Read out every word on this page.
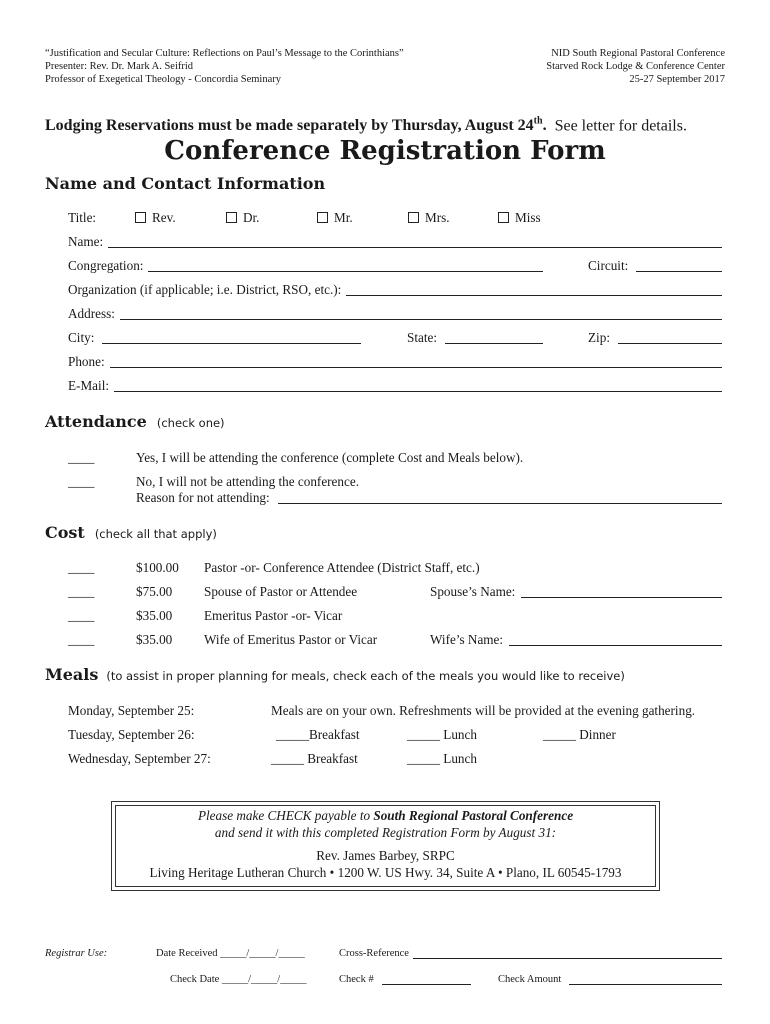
“Justification and Secular Culture: Reflections on Paul’s Message to the Corinthians”
Presenter: Rev. Dr. Mark A. Seifrid
Professor of Exegetical Theology - Concordia Seminary
NID South Regional Pastoral Conference
Starved Rock Lodge & Conference Center
25-27 September 2017
Lodging Reservations must be made separately by Thursday, August 24th. See letter for details.
Conference Registration Form
Name and Contact Information
Title:	Rev.	Dr.	Mr.	Mrs.	Miss
Name:
Congregation:	Circuit:
Organization (if applicable; i.e. District, RSO, etc.):
Address:
City:	State:	Zip:
Phone:
E-Mail:
Attendance (check one)
____	Yes, I will be attending the conference (complete Cost and Meals below).
____	No, I will not be attending the conference.
Reason for not attending:
Cost (check all that apply)
____	$100.00 Pastor -or- Conference Attendee (District Staff, etc.)
____	$75.00 Spouse of Pastor or Attendee	Spouse’s Name:
____	$35.00 Emeritus Pastor -or- Vicar
____	$35.00 Wife of Emeritus Pastor or Vicar	Wife’s Name:
Meals (to assist in proper planning for meals, check each of the meals you would like to receive)
Monday, September 25:	Meals are on your own. Refreshments will be provided at the evening gathering.
Tuesday, September 26:	_____Breakfast	_____ Lunch	_____ Dinner
Wednesday, September 27:	_____ Breakfast	_____ Lunch
Please make CHECK payable to South Regional Pastoral Conference
and send it with this completed Registration Form by August 31:
Rev. James Barbey, SRPC
Living Heritage Lutheran Church • 1200 W. US Hwy. 34, Suite A • Plano, IL 60545-1793
Registrar Use:	Date Received _____/_____/_____	Cross-Reference
Check Date _____/_____/_____	Check #	Check Amount
